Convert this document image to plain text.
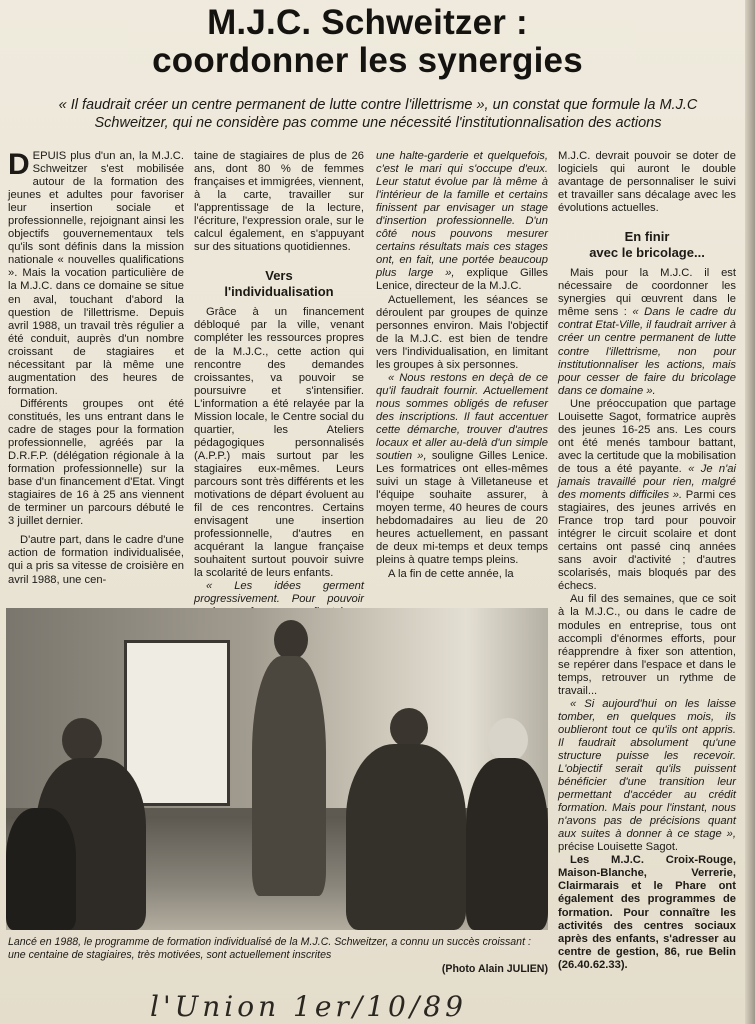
M.J.C. Schweitzer :
coordonner les synergies
« Il faudrait créer un centre permanent de lutte contre l'illettrisme », un constat que formule la M.J.C Schweitzer, qui ne considère pas comme une nécessité l'institutionnalisation des actions

DEPUIS plus d'un an, la M.J.C. Schweitzer s'est mobilisée autour de la formation des jeunes et adultes pour favoriser leur insertion sociale et professionnelle, rejoignant ainsi les objectifs gouvernementaux tels qu'ils sont définis dans la mission nationale « nouvelles qualifications ». Mais la vocation particulière de la M.J.C. dans ce domaine se situe en aval, touchant d'abord la question de l'illettrisme. Depuis avril 1988, un travail très régulier a été conduit, auprès d'un nombre croissant de stagiaires et nécessitant par là même une augmentation des heures de formation.

Différents groupes ont été constitués, les uns entrant dans le cadre de stages pour la formation professionnelle, agréés par la D.R.F.P. (délégation régionale à la formation professionnelle) sur la base d'un financement d'Etat. Vingt stagiaires de 16 à 25 ans viennent de terminer un parcours débuté le 3 juillet dernier.

D'autre part, dans le cadre d'une action de formation individualisée, qui a pris sa vitesse de croisière en avril 1988, une cen-

taine de stagiaires de plus de 26 ans, dont 80 % de femmes françaises et immigrées, viennent, à la carte, travailler sur l'apprentissage de la lecture, l'écriture, l'expression orale, sur le calcul également, en s'appuyant sur des situations quotidiennes.

Vers
l'individualisation

Grâce à un financement débloqué par la ville, venant compléter les ressources propres de la M.J.C., cette action qui rencontre des demandes croissantes, va pouvoir se poursuivre et s'intensifier. L'information a été relayée par la Mission locale, le Centre social du quartier, les Ateliers pédagogiques personnalisés (A.P.P.) mais surtout par les stagiaires eux-mêmes. Leurs parcours sont très différents et les motivations de départ évoluent au fil de ces rencontres. Certains envisagent une insertion professionnelle, d'autres en acquérant la langue française souhaitent surtout pouvoir suivre la scolarité de leurs enfants.

« Les idées germent progressivement. Pour pouvoir

une halte-garderie et quelquefois, c'est le mari qui s'occupe d'eux. Leur statut évolue par là même à l'intérieur de la famille et certains finissent par envisager un stage d'insertion professionnelle. D'un côté nous pouvons mesurer certains résultats mais ces stages ont, en fait, une portée beaucoup plus large », explique Gilles Lenice, directeur de la M.J.C.

Actuellement, les séances se déroulent par groupes de quinze personnes environ. Mais l'objectif de la M.J.C. est bien de tendre vers l'individualisation, en limitant les groupes à six personnes.

« Nous restons en deçà de ce qu'il faudrait fournir. Actuellement nous sommes obligés de refuser des inscriptions. Il faut accentuer cette démarche, trouver d'autres locaux et aller au-delà d'un simple soutien », souligne Gilles Lenice. Les formatrices ont elles-mêmes suivi un stage à Villetaneuse et l'équipe souhaite assurer, à moyen terme, 40 heures de cours hebdomadaires au lieu de 20 heures actuellement, en passant de deux mi-temps et deux temps pleins à quatre temps pleins.

A la fin de cette année, la

M.J.C. devrait pouvoir se doter de logiciels qui auront le double avantage de personnaliser le suivi et travailler sans décalage avec les évolutions actuelles.

En finir
avec le bricolage...

Mais pour la M.J.C. il est nécessaire de coordonner les synergies qui œuvrent dans le même sens : « Dans le cadre du contrat Etat-Ville, il faudrait arriver à créer un centre permanent de lutte contre l'illettrisme, non pour institutionnaliser les actions, mais pour cesser de faire du bricolage dans ce domaine ».

Une préoccupation que partage Louisette Sagot, formatrice auprès des jeunes 16-25 ans. Les cours ont été menés tambour battant, avec la certitude que la mobilisation de tous a été payante. « Je n'ai jamais travaillé pour rien, malgré des moments difficiles ». Parmi ces stagiaires, des jeunes arrivés en France trop tard pour pouvoir intégrer le circuit scolaire et dont certains ont passé cinq années sans avoir d'activité ; d'autres scolarisés, mais bloqués par des échecs.

Au fil des semaines, que ce soit à la M.J.C., ou dans le cadre de modules en entreprise, tous ont accompli d'énormes efforts, pour réapprendre à fixer son attention, se repérer dans l'espace et dans le temps, retrouver un rythme de travail...

« Si aujourd'hui on les laisse tomber, en quelques mois, ils oublieront tout ce qu'ils ont appris. Il faudrait absolument qu'une structure puisse les recevoir. L'objectif serait qu'ils puissent bénéficier d'une transition leur permettant d'accéder au crédit formation. Mais pour l'instant, nous n'avons pas de précisions quant aux suites à donner à ce stage », précise Louisette Sagot.

Les M.J.C. Croix-Rouge, Maison-Blanche, Verrerie, Clairmarais et le Phare ont également des programmes de formation. Pour connaître les activités des centres sociaux après des enfants, s'adresser au centre de gestion, 86, rue Belin (26.40.62.33).

Lancé en 1988, le programme de formation individualisé de la M.J.C. Schweitzer, a connu un succès croissant : une centaine de stagiaires, très motivées, sont actuellement inscrites
(Photo Alain JULIEN)
l'Union 1er/10/89
